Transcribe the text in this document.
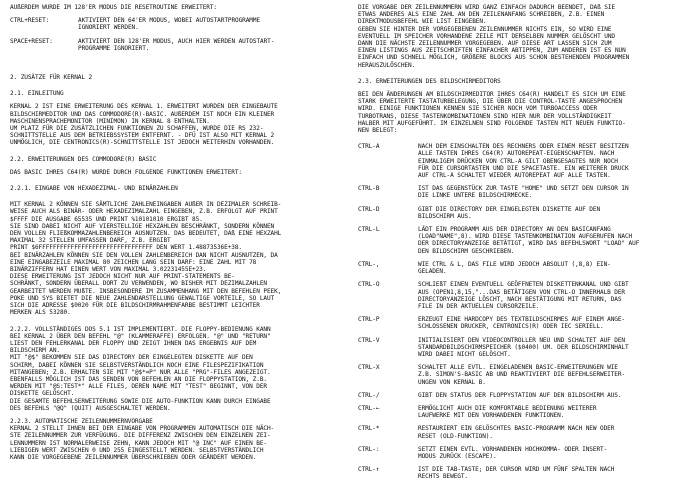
AUßERDEM WURDE IM 128'ER MODUS DIE RESETROUTINE ERWEITERT:

CTRL+RESET:	AKTIVIERT DEN 64'ER MODUS, WOBEI AUTOSTARTPROGRAMME
IGNORIERT WERDEN.
SPACE+RESET:	AKTIVIERT DEN 128'ER MODUS, AUCH HIER WERDEN AUTOSTART-
PROGRAMME IGNORIERT.

2. ZUSÄTZE FÜR KERNAL 2

2.1. EINLEITUNG

KERNAL 2 IST EINE ERWEITERUNG DES KERNAL 1. ERWEITERT WURDEN DER EINGEBAUTE
BILDSCHIRMEDITOR UND DAS COMMODORE(R)-BASIC. AUßERDEM IST NOCH EIN KLEINER
MASCHINENSPRACHEMONITOR (MINIMON) IN KERNAL 8 ENTHALTEN.
UM PLATZ FÜR DIE ZUSÄTZLICHEN FUNKTIONEN ZU SCHAFFEN, WURDE DIE RS 232-
SCHNITTSTELLE AUS DEM BETRIEBSSYSTEM ENTFERNT. - DFÜ IST ALSO MIT KERNAL 2
UNMÖGLICH, DIE CENTRONICS(R)-SCHNITTSTELLE IST JEDOCH WEITERHIN VORHANDEN.

2.2. ERWEITERUNGEN DES COMMODORE(R) BASIC

DAS BASIC IHRES C64(R) WURDE DURCH FOLGENDE FUNKTIONEN ERWEITERT:

2.2.1. EINGABE VON HEXADEZIMAL- UND BINÄRZAHLEN

MIT KERNAL 2 KÖNNEN SIE SÄMTLICHE ZAHLENEINGABEN AUßER IN DEZIMALER SCHREIB-
WEISE AUCH ALS BINÄR- ODER HEXADEZIMALZAHL EINGEBEN, Z.B. ERFOLGT AUF PRINT
$FFFF DIE AUSGABE 65535 UND PRINT %10101010 ERGIBT 85.
SIE SIND DABEI NICHT AUF VIERSTELLIGE HEXZAHLEN BESCHRÄNKT, SONDERN KÖNNEN
DEN VOLLEN FLIEßKOMMAZAHLENBEREICH AUSNUTZEN. DAS BEDEUTET, DAß EINE HEXZAHL
MAXIMAL 32 STELLEN UMFASSEN DARF, Z.B. ERGIBT
PRINT $6FFFFFFFFFFFFFFFFFFFFFFFFFFFFFFFF DEN WERT 1.48873536E+38.
BEI BINÄRZAHLEN KÖNNEN SIE DEN VOLLEN ZAHLENBEREICH DAN NICHT AUSNUTZEN, DA
EINE EINGABEZEILE MAXIMAL 80 ZEICHEN LANG SEIN DARF: EINE ZAHL MIT 78
BINÄRZIFFERN HAT EINEN WERT VON MAXIMAL 3.02231455E+23.
DIESE ERWEITERUNG IST JEDOCH NICHT NUR AUF PRINT-STATEMENTS BE-
SCHRÄNKT, SONDERN ÜBERALL DORT ZU VERWENDEN, WO BISHER MIT DEZIMALZAHLEN
GEARBEITET WERDEN MUßTE. INSBESONDERE IM ZUSAMMENHANG MIT DEN BEFEHLEN PEEK,
POKE UND SYS BIETET DIE NEUE ZAHLENDARSTELLUNG GEWALTIGE VORTEILE, SO LAUT
SICH DIE ADRESSE $0020 FÜR DIE BILDSCHIRMRAHMENFARBE BESTIMMT LEICHTER
MERKEN ALS 53280.

2.2.2. VOLLSTÄNDIGES DOS 5.1 IST IMPLEMENTIERT. DIE FLOPPY-BEDIENUNG KANN
BEI KERNAL 2 ÜBER DEN BEFEHL "@" (KLAMMERAFFE) ERFOLGEN. "@" UND "RETURN"
LIEST DEN FEHLERKANAL DER FLOPPY UND ZEIGT IHNEN DAS ERGEBNIS AUF DEM
BILDSCHIRM AN.

MIT "@$" BEKOMMEN SIE DAS DIRECTORY DER EINGELEGTEN DISKETTE AUF DEN
SCHIRM, DABEI KÖNNEN SIE SELBSTVERSTÄNDLICH NOCH EINE FILESPEZIFIKATION
MITANGEBEN; Z.B. ERHALTEN SIE MIT "@$*=P" NUR ALLE "PRG"-FILES ANGEZEIGT.
EBENFALLS MÖGLICH IST DAS SENDEN VON BEFEHLEN AN DIE FLOPPYSTATION, Z.B.
WERDEN MIT "@S:TEST*" ALLE FILES, DEREN NAME MIT "TEST" BEGINNT, VON DER
DISKETTE GELÖSCHT.
DIE GESAMTE BEFEHLSERWEITERUNG SOWIE DIE AUTO-FUNKTION KANN DURCH EINGABE
DES BEFEHLS "@Q" (QUIT) AUSGESCHALTET WERDEN.

2.2.3. AUTOMATISCHE ZEILENNUMMERNVORGABE

KERNAL 2 STELLT IHNEN BEI DER EINGABE VON PROGRAMMEN AUTOMATISCH DIE NÄCH-
STE ZEILENNUMMER ZUR VERFÜGUNG. DIE DIFFERENZ ZWISCHEN DEN EINZELNEN ZEI-
LENNUMMERN IST NORMALERWEISE ZEHN, KANN JEDOCH MIT "@ INC" AUF EINEN BE-
LIEBIGEN WERT ZWISCHEN 0 UND 255 EINGESTELLT WERDEN. SELBSTVERSTÄNDLICH
KANN DIE VORGEGEBENE ZEILENNUMMER ÜBERSCHRIEBEN ODER GEÄNDERT WERDEN.

DIE VORGABE DER ZEILENNUMMERN WIRD GANZ EINFACH DADURCH BEENDET, DAß SIE
ETWAS ANDERES ALS EINE ZAHL AN DEN ZEILENANFANG SCHREIBEN, Z.B. EINEN
DIREKTMODUSBEFEHL WIE LIST EINGEBEN.
GEBEN SIE HINTER DER VORGEGEBENEN ZEILENNUMMER NICHTS EIN, SO WIRD EINE
EVENTUELL IM SPEICHER VORHANDENE ZEILE MIT DERSELBEN NUMMER GELÖSCHT UND
DANN DIE NÄCHSTE ZEILENNUMMER VORGEGEBEN. AUF DIESE ART LASSEN SICH ZUM
EINEN LISTINGS AUS ZEITSCHRIFTEN EINFACHER ABTIPPEN, ZUM ANDEREN IST ES NUN
EINFACH UND SCHNELL MÖGLICH, GRÖßERE BLOCKS AUS SCHON BESTEHENDEN PROGRAMMEN
HERAUSZULÖSCHEN.

2.3. ERWEITERUNGEN DES BILDSCHIRMEDITORS

BEI DEN ÄNDERUNGEN AM BILDSCHIRMEDITOR IHRES C64(R) HANDELT ES SICH UM EINE
STARK ERWEITERTE TASTATURBELEGUNG, DIE ÜBER DIE CONTROL-TASTE ANGESPROCHEN
WIRD. EINIGE FUNKTIONEN KENNEN SIE SICHER NOCH VOM TURBOACCESS ODER
TURBOTRANS, DIESE TASTENKOMBINATIONEN SIND HIER NUR DER VOLLSTÄNDIGKEIT
HALBER MIT AUFGEFÜHRT. IM EINZELNEN SIND FOLGENDE TASTEN MIT NEUEN FUNKTIO-
NEN BELEGT:

CTRL-A	NACH DEM EINSCHALTEN DES RECHNERS ODER EINEM RESET BESITZEN
ALLE TASTEN IHRES C64(R) AUTOREPEAT-EIGENSCHAFTEN. NACH
EINMALIGEM DRÜCKEN VON CTRL-A GILT OBENGESAGTES NUR NOCH
FÜR DIE CURSORTASTEN UND DIE SPACETASTE. EIN WEITERER DRUCK
AUF CTRL-A SCHALTET WIEDER AUTOREPEAT AUF ALLE TASTEN.
CTRL-B	IST DAS GEGENSTÜCK ZUR TASTE "HOME" UND SETZT DEN CURSOR IN
DIE LINKE UNTERE BILDSCHIRMECKE.
CTRL-D	GIBT DIE DIRECTORY DER EINGELEGTEN DISKETTE AUF DEN
BILDSCHIRM AUS.
CTRL-L	LÄDT EIN PROGRAMM AUS DER DIRECTORY AN DEN BASICANFANG
(LOAD"NAME",8). WIRD DIESE TASTENKOMBINATION AUFGERUFEN NACH
DER DIRECTORYANZEIGE BETÄTIGT, WIRD DAS BEFEHLSWORT "LOAD" AUF
DEN BILDSCHIRM GESCHRIEBEN.
CTRL-,	WIE CTRL & L, DAS FILE WIRD JEDOCH ABSOLUT (,8,8) EIN-
GELADEN.
CTRL-O	SCHLIEßT EINEN EVENTUELL GEÖFFNETEN DISKETTENKANAL UND GIBT
AUS (OPEN1,8,15,"...DAS BETÄTIGEN VON CTRL-O INNERHALB DER
DIRECTORYANZEIGE LÖSCHT, NACH BESTÄTIGUNG MIT RETURN, DAS
FILE IN DER AKTUELLEN CURSORZEILE.
CTRL-P	ERZEUGT EINE HARDCOPY DES TEXTBILDSCHIRMES AUF EINEM ANGE-
SCHLOSSENEN DRUCKER, CENTRONICS(R) ODER IEC SERIELL.
CTRL-V	INITIALISIERT DEN VIDEOCONTROLLER NEU UND SCHALTET AUF DEN
STANDARDBILDSCHIRMSPEICHER ($0400) UM. DER BILDSCHIRMINHALT
WIRD DABEI NICHT GELÖSCHT.
CTRL-X	SCHALTET ALLE EVTL. EINGELADENEN BASIC-ERWEITERUNGEN WIE
Z.B. SIMON'S-BASIC AB UND REAKTIVIERT DIE BEFEHLSERWEITER-
UNGEN VON KERNAL B.
CTRL-/	GIBT DEN STATUS DER FLOPPYSTATION AUF DEN BILDSCHIRM AUS.
CTRL-←	ERMÖGLICHT AUCH DIE KOMFORTABLE BEDIENUNG WEITERER
LAUFWERKE MIT DEN VORHANDENEN FUNKTIONEN.
CTRL-*	RESTAURIERT EIN GELÖSCHTES BASIC-PROGRAMM NACH NEW ODER
RESET (OLD-FUNKTION).
CTRL-:	SETZT EINEN EVTL. VORHANDENEN HOCHKOMMA- ODER INSERT-
MODUS ZURÜCK (ESCAPE).
CTRL-↑	IST DIE TAB-TASTE; DER CURSOR WIRD UM FÜNF SPALTEN NACH
RECHTS BEWEGT.
